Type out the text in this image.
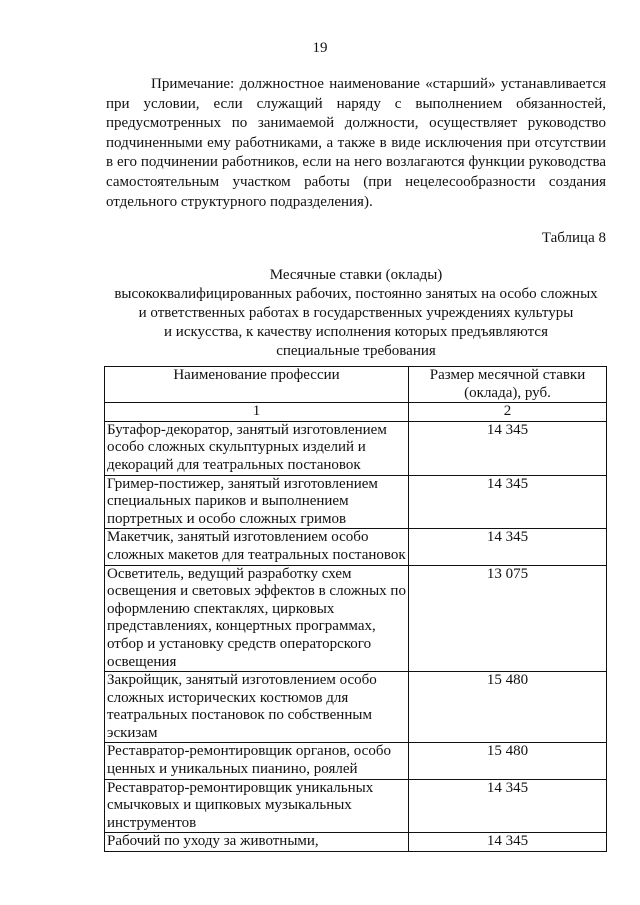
19

Примечание: должностное наименование «старший» устанавливается при условии, если служащий наряду с выполнением обязанностей, предусмотренных по занимаемой должности, осуществляет руководство подчиненными ему работниками, а также в виде исключения при отсутствии в его подчинении работников, если на него возлагаются функции руководства самостоятельным участком работы (при нецелесообразности создания отдельного структурного подразделения).

Таблица 8
Месячные ставки (оклады)
высококвалифицированных рабочих, постоянно занятых на особо сложных
и ответственных работах в государственных учреждениях культуры
и искусства, к качеству исполнения которых предъявляются
специальные требования
Наименование профессии	Размер месячной ставки (оклада), руб.
1	2
Бутафор-декоратор, занятый изготовлением особо сложных скульптурных изделий и декораций для театральных постановок	14 345
Гример-постижер, занятый изготовлением специальных париков и выполнением портретных и особо сложных гримов	14 345
Макетчик, занятый изготовлением особо сложных макетов для театральных постановок	14 345
Осветитель, ведущий разработку схем освещения и световых эффектов в сложных по оформлению спектаклях, цирковых представлениях, концертных программах, отбор и установку средств операторского освещения	13 075
Закройщик, занятый изготовлением особо сложных исторических костюмов для театральных постановок по собственным эскизам	15 480
Реставратор-ремонтировщик органов, особо ценных и уникальных пианино, роялей	15 480
Реставратор-ремонтировщик уникальных смычковых и щипковых музыкальных инструментов	14 345
Рабочий по уходу за животными,	14 345
